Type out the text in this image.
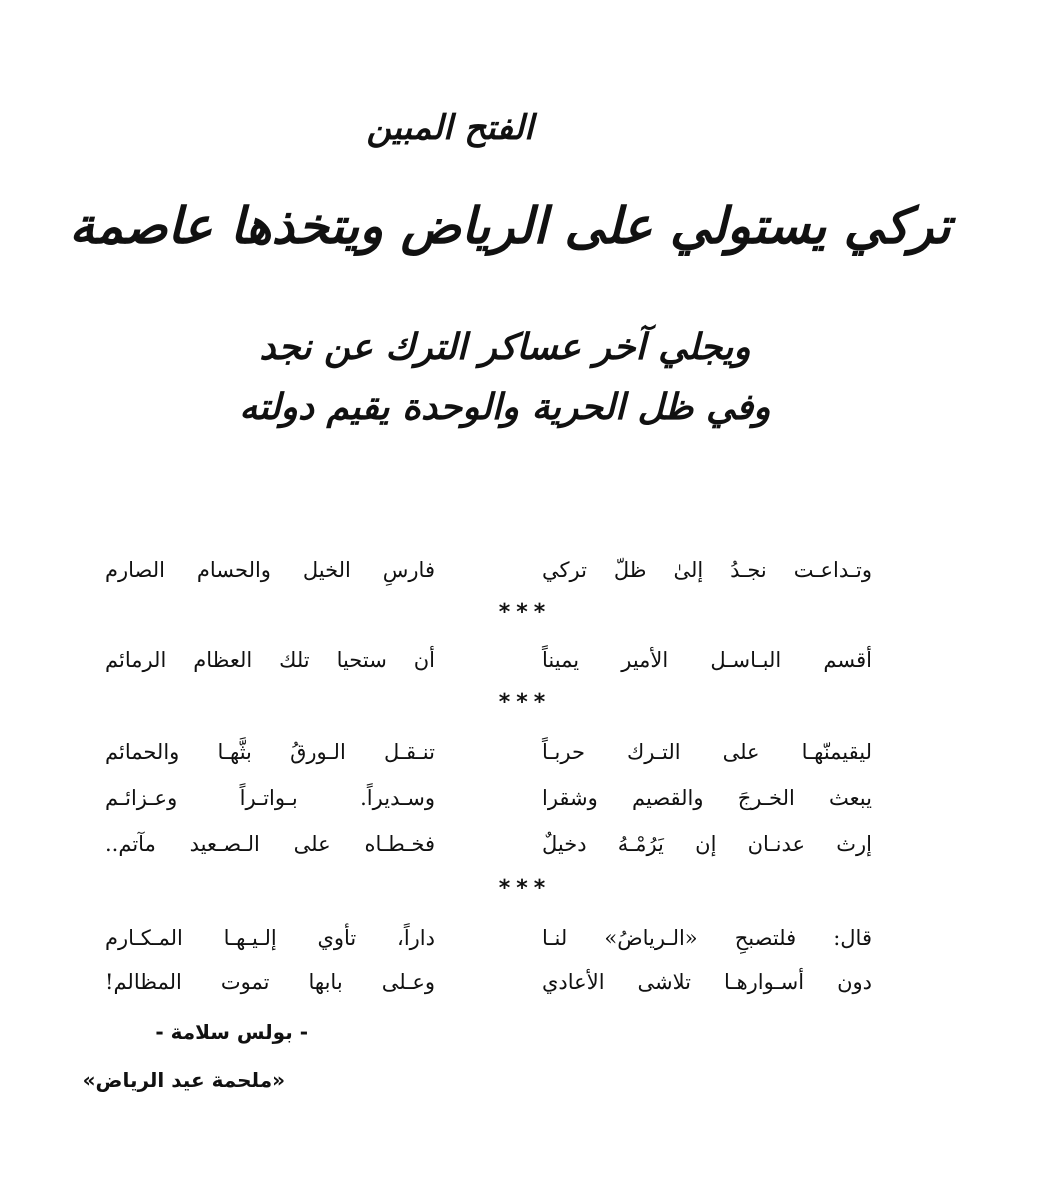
الفتح المبين
تركي يستولي على الرياض ويتخذها عاصمة
ويجلي آخر عساكر الترك عن نجد
وفي ظل الحرية والوحدة يقيم دولته
وتـداعـت نجـدُ إلىٰ ظلّ تركي
فارسِ الخيل والحسام الصارم
***
أقسم البـاسـل الأمير يميناً
أن ستحيا تلك العظام الرمائم
***
ليقيمنّهـا على التـرك حربـاً
تنـقـل الـورقُ بثَّهـا والحمائم
يبعث الخـرجَ والقصيم وشقرا
وسـديراً. بـواتـراً وعـزائـم
إرث عدنـان إن يَرُمْـهُ دخيلٌ
فخـطـاه على الـصـعيد مآتم..
***
قال: فلتصبحِ «الـرياضُ» لنـا
داراً، تأوي إلـيـهـا المـكـارم
دون أسـوارهـا تلاشى الأعادي
وعـلى بابها تموت المظالم!
- بولس سلامة -
«ملحمة عيد الرياض»
